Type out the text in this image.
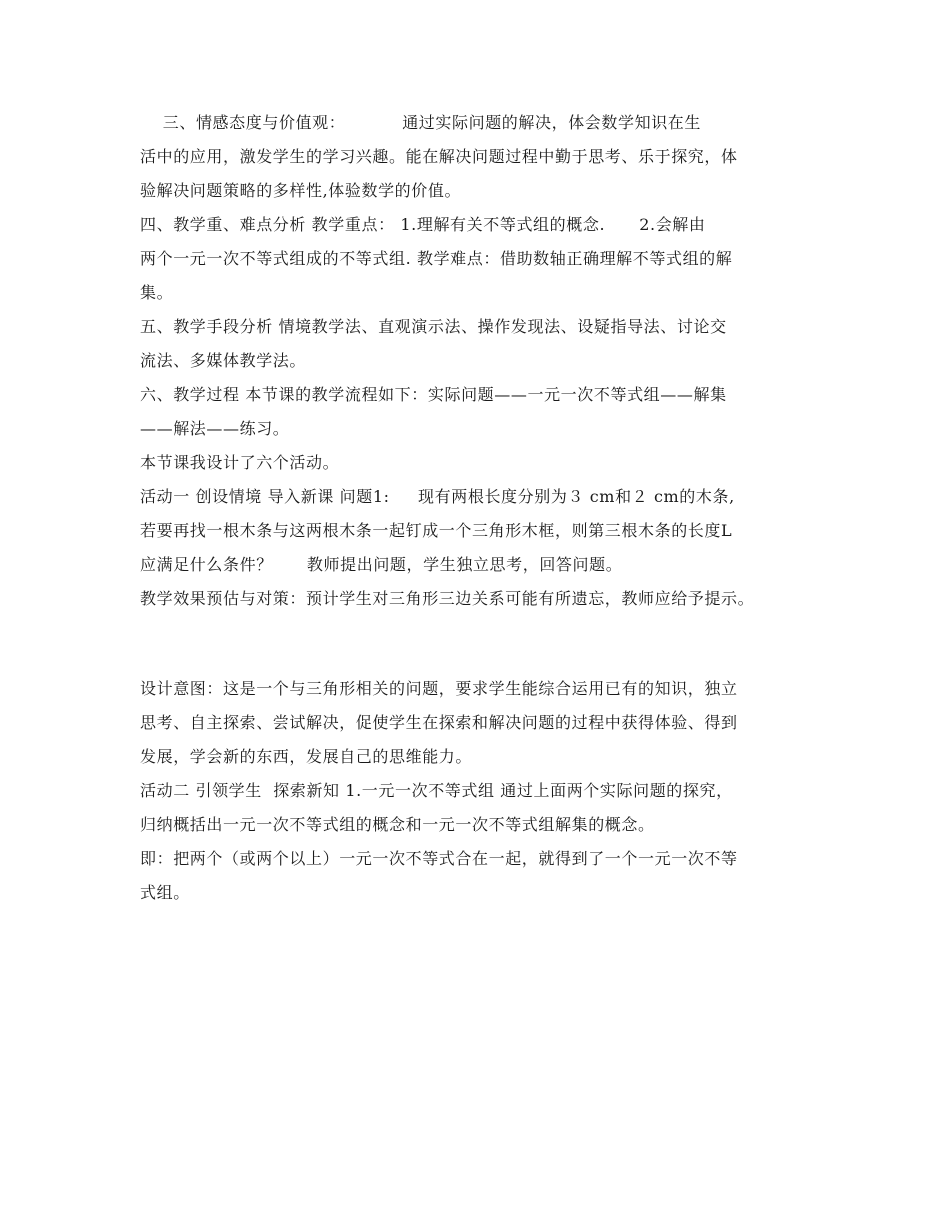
三、情感态度与价值观：          通过实际问题的解决，体会数学知识在生
活中的应用，激发学生的学习兴趣。能在解决问题过程中勤于思考、乐于探究，体
验解决问题策略的多样性,体验数学的价值。
四、教学重、难点分析 教学重点： 1.理解有关不等式组的概念.      2.会解由
两个一元一次不等式组成的不等式组. 教学难点：借助数轴正确理解不等式组的解
集。
五、教学手段分析 情境教学法、直观演示法、操作发现法、设疑指导法、讨论交
流法、多媒体教学法。
六、教学过程 本节课的教学流程如下：实际问题——一元一次不等式组——解集
——解法——练习。
本节课我设计了六个活动。
活动一 创设情境 导入新课 问题1:     现有两根长度分别为３ cm和２ cm的木条,
若要再找一根木条与这两根木条一起钉成一个三角形木框，则第三根木条的长度L
应满足什么条件？      教师提出问题，学生独立思考，回答问题。
教学效果预估与对策：预计学生对三角形三边关系可能有所遗忘，教师应给予提示。
设计意图：这是一个与三角形相关的问题，要求学生能综合运用已有的知识，独立
思考、自主探索、尝试解决，促使学生在探索和解决问题的过程中获得体验、得到
发展，学会新的东西，发展自己的思维能力。
活动二 引领学生  探索新知 1.一元一次不等式组 通过上面两个实际问题的探究，
归纳概括出一元一次不等式组的概念和一元一次不等式组解集的概念。
即：把两个（或两个以上）一元一次不等式合在一起，就得到了一个一元一次不等
式组。
